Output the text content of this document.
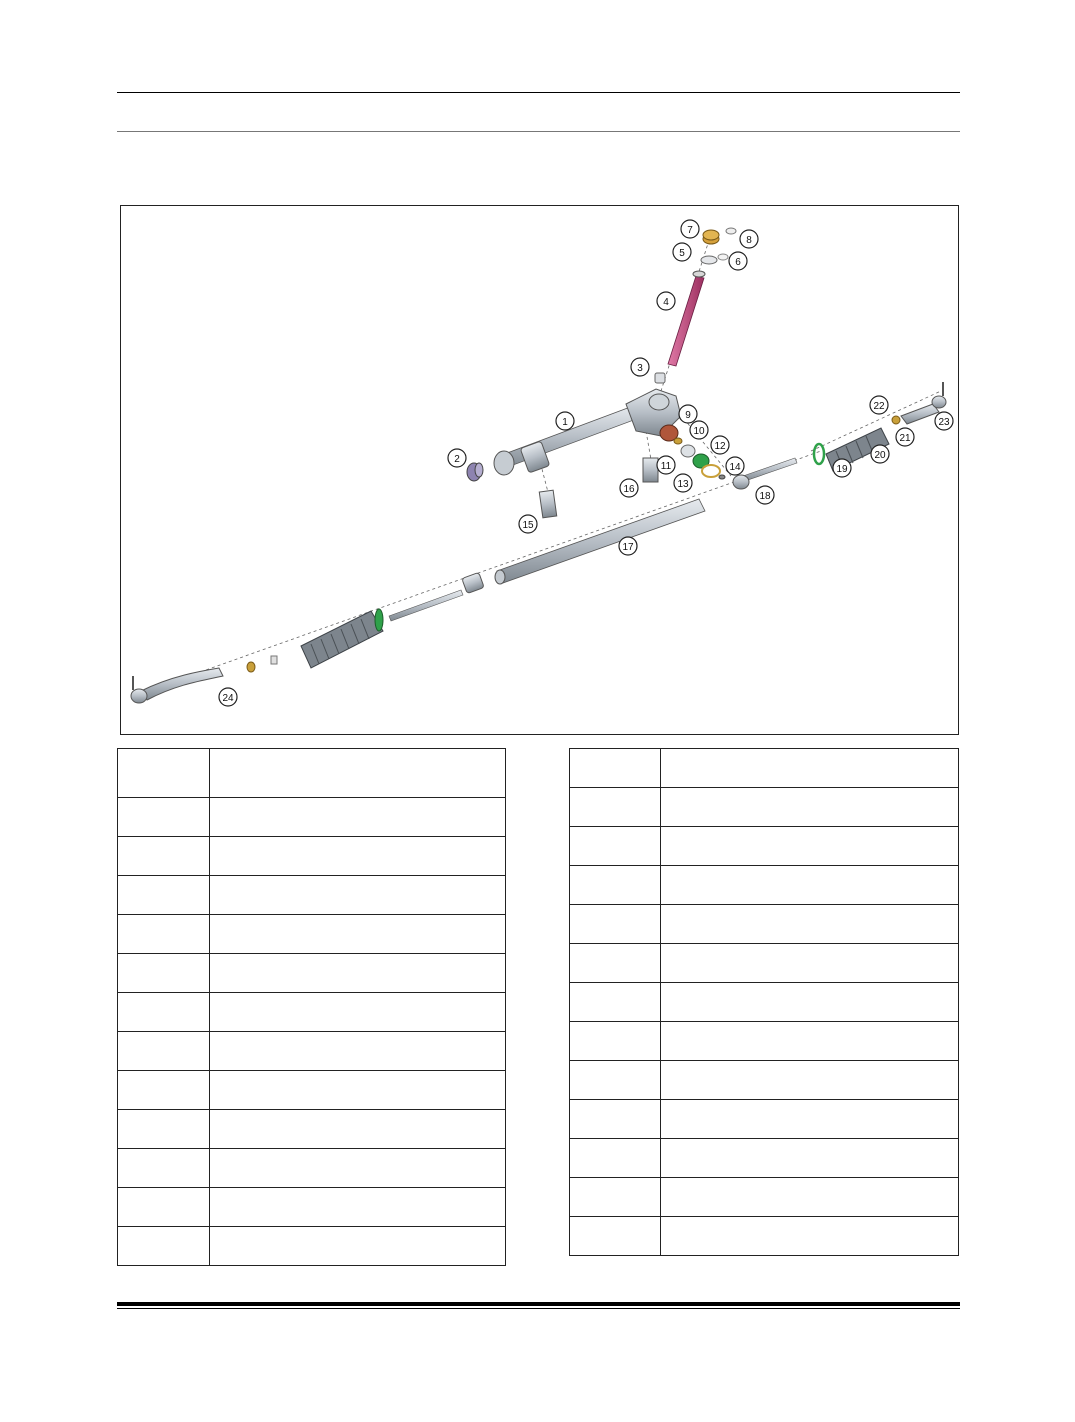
1
2
3
4
5
6
7
8
9
10
11
12
13
14
15
16
17
18
19
20
21
22
23
24
